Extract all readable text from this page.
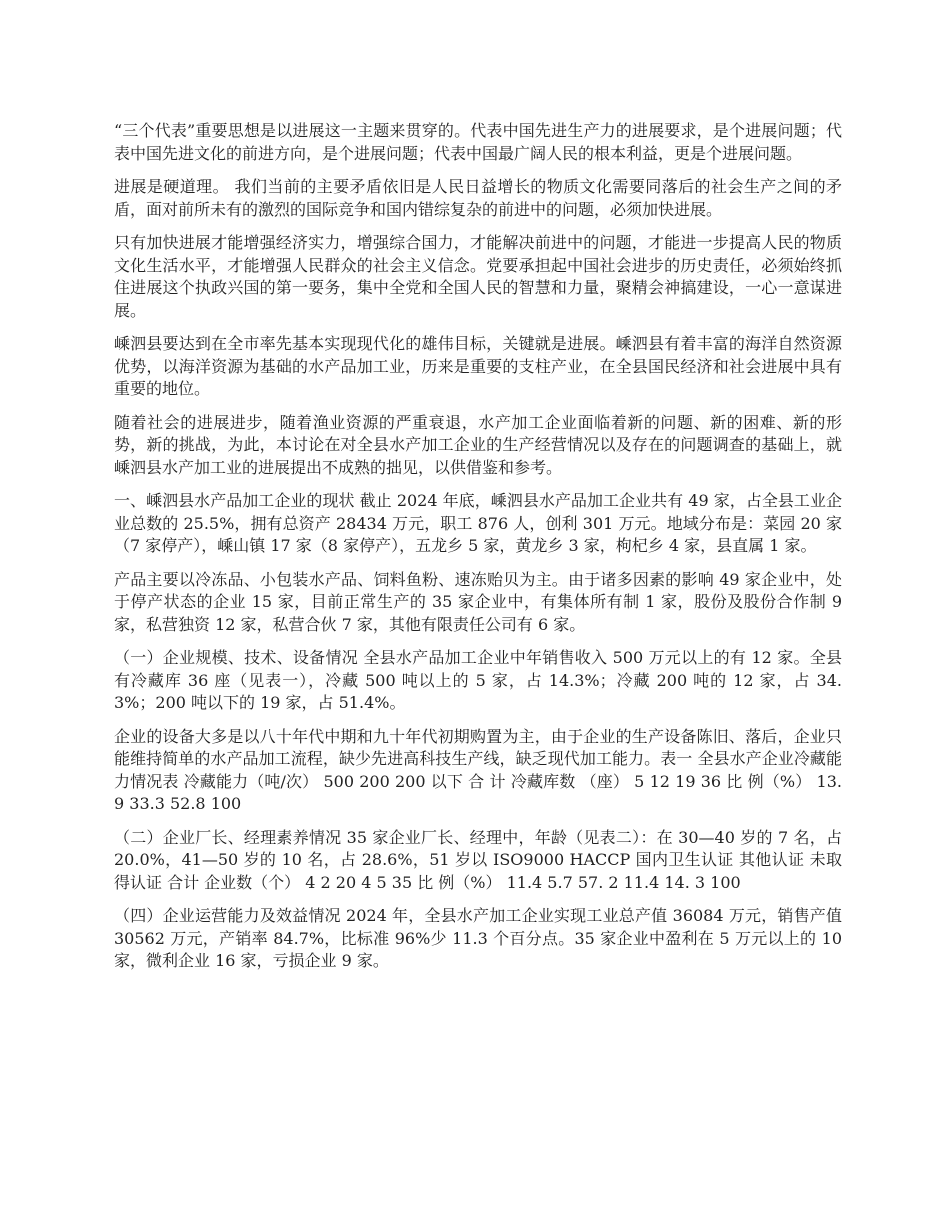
“三个代表”重要思想是以进展这一主题来贯穿的。代表中国先进生产力的进展要求，是个进展问题；代表中国先进文化的前进方向，是个进展问题；代表中国最广阔人民的根本利益，更是个进展问题。

进展是硬道理。 我们当前的主要矛盾依旧是人民日益增长的物质文化需要同落后的社会生产之间的矛盾，面对前所未有的激烈的国际竞争和国内错综复杂的前进中的问题，必须加快进展。

只有加快进展才能增强经济实力，增强综合国力，才能解决前进中的问题，才能进一步提高人民的物质文化生活水平，才能增强人民群众的社会主义信念。党要承担起中国社会进步的历史责任，必须始终抓住进展这个执政兴国的第一要务，集中全党和全国人民的智慧和力量，聚精会神搞建设，一心一意谋进展。

嵊泗县要达到在全市率先基本实现现代化的雄伟目标，关键就是进展。嵊泗县有着丰富的海洋自然资源优势，以海洋资源为基础的水产品加工业，历来是重要的支柱产业，在全县国民经济和社会进展中具有重要的地位。

随着社会的进展进步，随着渔业资源的严重衰退，水产加工企业面临着新的问题、新的困难、新的形势，新的挑战，为此，本讨论在对全县水产加工企业的生产经营情况以及存在的问题调查的基础上，就嵊泗县水产加工业的进展提出不成熟的拙见，以供借鉴和参考。

一、嵊泗县水产品加工企业的现状 截止 2024 年底，嵊泗县水产品加工企业共有 49 家，占全县工业企业总数的 25.5%，拥有总资产 28434 万元，职工 876 人，创利 301 万元。地域分布是：菜园 20 家（7 家停产），嵊山镇 17 家（8 家停产），五龙乡 5 家，黄龙乡 3 家，枸杞乡 4 家，县直属 1 家。

产品主要以冷冻品、小包装水产品、饲料鱼粉、速冻贻贝为主。由于诸多因素的影响 49 家企业中，处于停产状态的企业 15 家，目前正常生产的 35 家企业中，有集体所有制 1 家，股份及股份合作制 9 家，私营独资 12 家，私营合伙 7 家，其他有限责任公司有 6 家。

（一）企业规模、技术、设备情况 全县水产品加工企业中年销售收入 500 万元以上的有 12 家。全县有冷藏库 36 座（见表一），冷藏 500 吨以上的 5 家，占 14.3%；冷藏 200 吨的 12 家，占 34.3%；200 吨以下的 19 家，占 51.4%。

企业的设备大多是以八十年代中期和九十年代初期购置为主，由于企业的生产设备陈旧、落后，企业只能维持简单的水产品加工流程，缺少先进高科技生产线，缺乏现代加工能力。表一 全县水产企业冷藏能力情况表 冷藏能力（吨/次） 500 200 200 以下 合 计 冷藏库数 （座） 5 12 19 36 比 例（%） 13.9 33.3 52.8 100

（二）企业厂长、经理素养情况 35 家企业厂长、经理中，年龄（见表二）：在 30—40 岁的 7 名，占 20.0%，41—50 岁的 10 名，占 28.6%，51 岁以 ISO9000 HACCP 国内卫生认证 其他认证 未取得认证 合计 企业数（个） 4 2 20 4 5 35 比 例（%） 11.4 5.7 57. 2 11.4 14. 3 100

（四）企业运营能力及效益情况 2024 年，全县水产加工企业实现工业总产值 36084 万元，销售产值 30562 万元，产销率 84.7%，比标准 96%少 11.3 个百分点。35 家企业中盈利在 5 万元以上的 10 家，微利企业 16 家，亏损企业 9 家。
